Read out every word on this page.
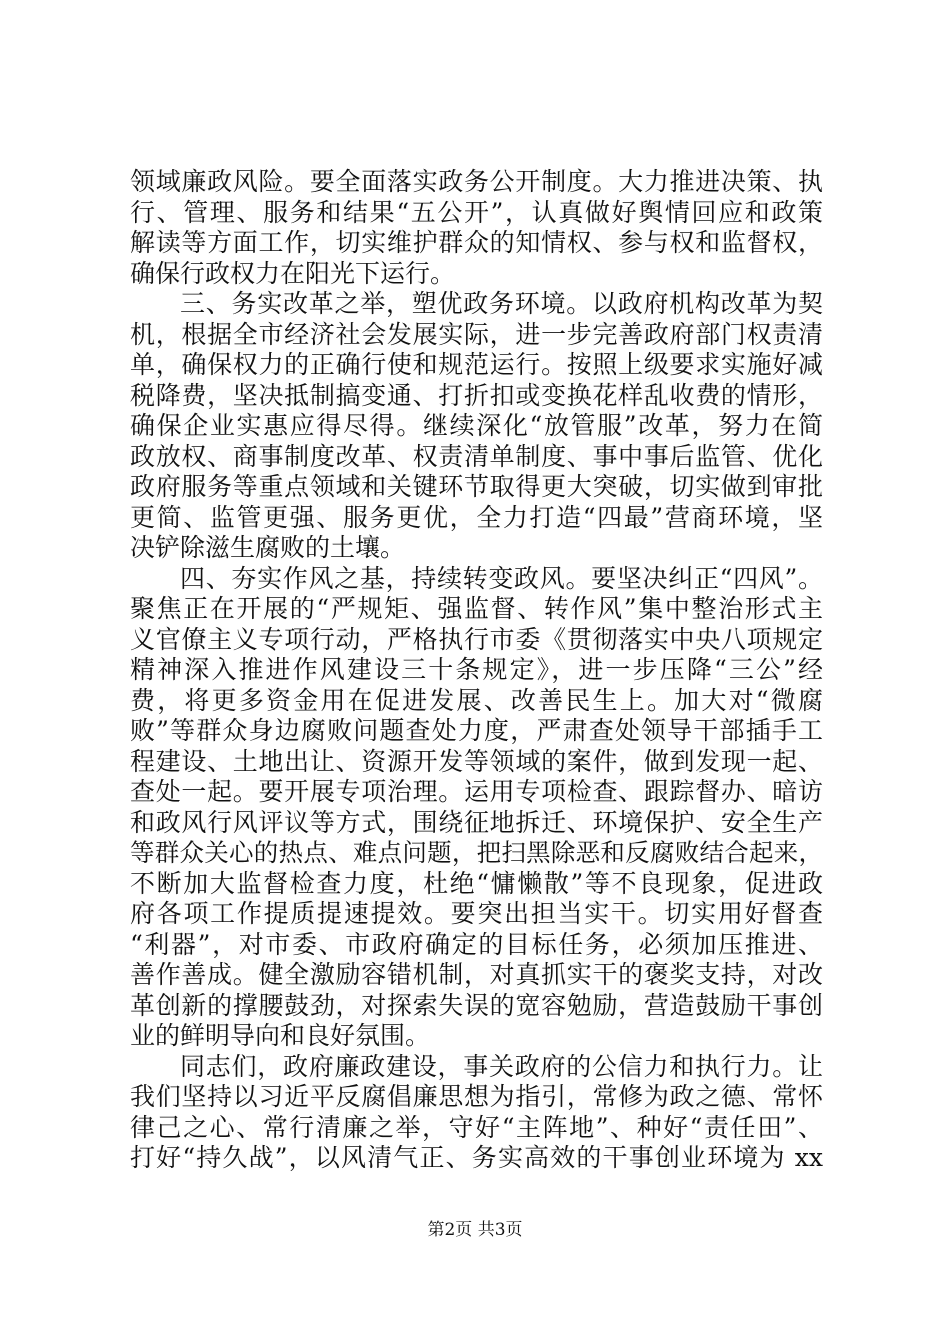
领域廉政风险。要全面落实政务公开制度。大力推进决策、执
行、管理、服务和结果“五公开”，认真做好舆情回应和政策
解读等方面工作，切实维护群众的知情权、参与权和监督权，
确保行政权力在阳光下运行。
三、务实改革之举，塑优政务环境。以政府机构改革为契
机，根据全市经济社会发展实际，进一步完善政府部门权责清
单，确保权力的正确行使和规范运行。按照上级要求实施好减
税降费，坚决抵制搞变通、打折扣或变换花样乱收费的情形，
确保企业实惠应得尽得。继续深化“放管服”改革，努力在简
政放权、商事制度改革、权责清单制度、事中事后监管、优化
政府服务等重点领域和关键环节取得更大突破，切实做到审批
更简、监管更强、服务更优，全力打造“四最”营商环境，坚
决铲除滋生腐败的土壤。
四、夯实作风之基，持续转变政风。要坚决纠正“四风”。
聚焦正在开展的“严规矩、强监督、转作风”集中整治形式主
义官僚主义专项行动，严格执行市委《贯彻落实中央八项规定
精神深入推进作风建设三十条规定》，进一步压降“三公”经
费，将更多资金用在促进发展、改善民生上。加大对“微腐
败”等群众身边腐败问题查处力度，严肃查处领导干部插手工
程建设、土地出让、资源开发等领域的案件，做到发现一起、
查处一起。要开展专项治理。运用专项检查、跟踪督办、暗访
和政风行风评议等方式，围绕征地拆迁、环境保护、安全生产
等群众关心的热点、难点问题，把扫黑除恶和反腐败结合起来，
不断加大监督检查力度，杜绝“慵懒散”等不良现象，促进政
府各项工作提质提速提效。要突出担当实干。切实用好督查
“利器”，对市委、市政府确定的目标任务，必须加压推进、
善作善成。健全激励容错机制，对真抓实干的褒奖支持，对改
革创新的撑腰鼓劲，对探索失误的宽容勉励，营造鼓励干事创
业的鲜明导向和良好氛围。
同志们，政府廉政建设，事关政府的公信力和执行力。让
我们坚持以习近平反腐倡廉思想为指引，常修为政之德、常怀
律己之心、常行清廉之举，守好“主阵地”、种好“责任田”、
打好“持久战”，以风清气正、务实高效的干事创业环境为 xx
第2页 共3页
